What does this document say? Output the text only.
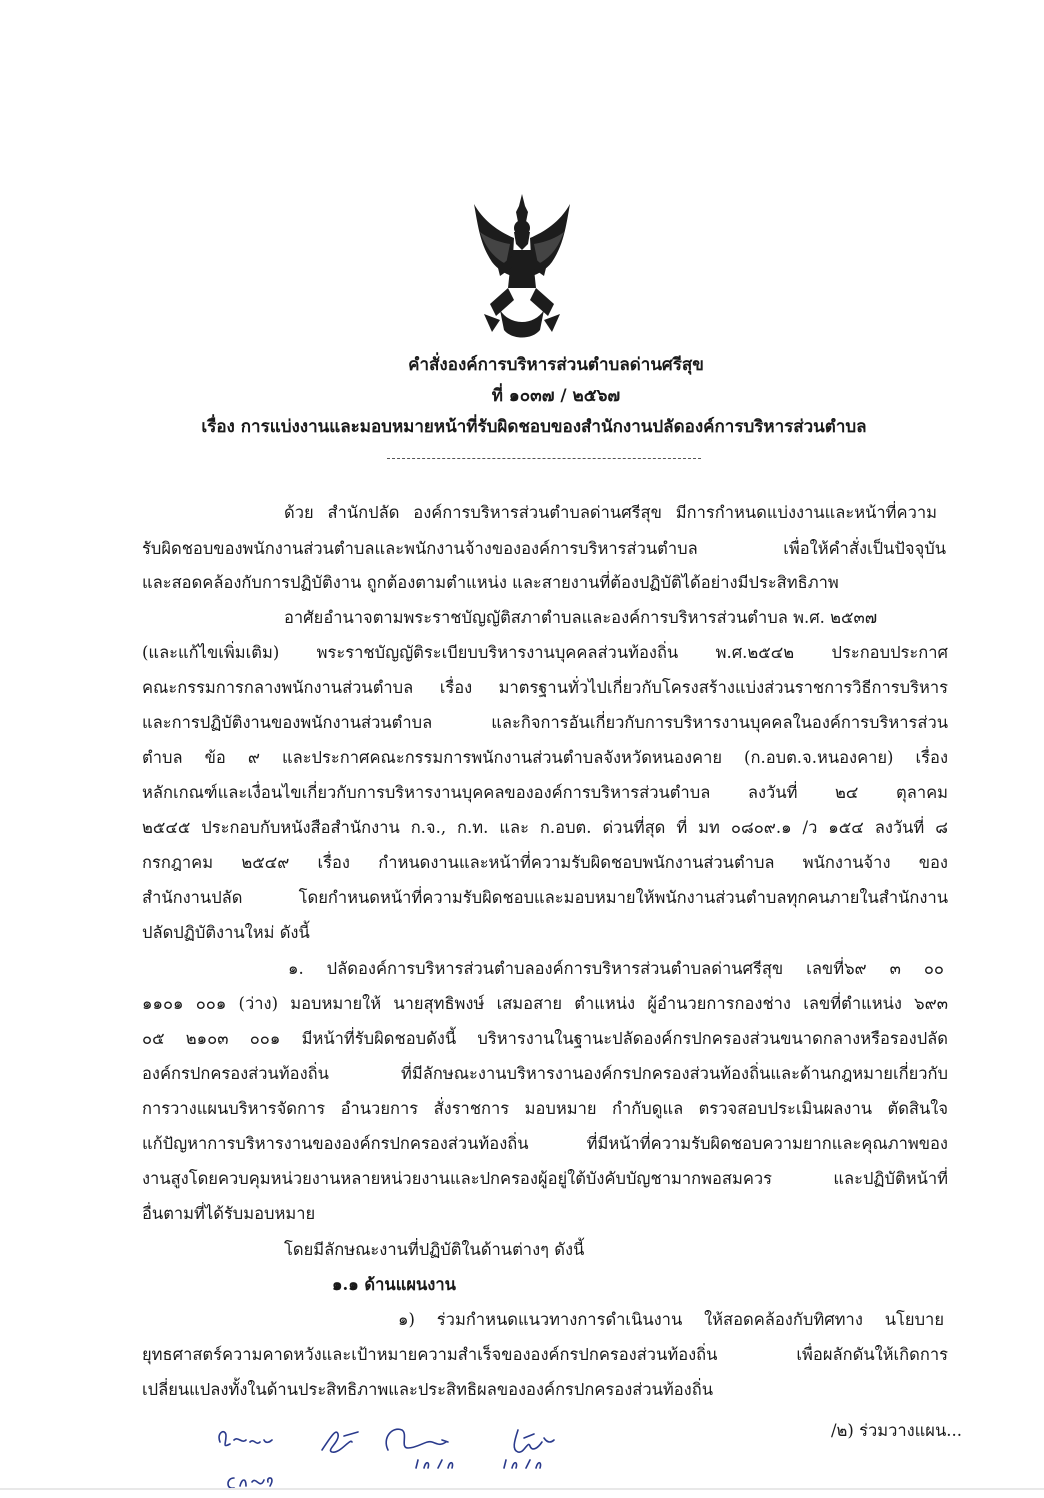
คำสั่งองค์การบริหารส่วนตำบลด่านศรีสุข
ที่ ๑๐๓๗ / ๒๕๖๗
เรื่อง การแบ่งงานและมอบหมายหน้าที่รับผิดชอบของสำนักงานปลัดองค์การบริหารส่วนตำบล
ด้วย สำนักปลัด องค์การบริหารส่วนตำบลด่านศรีสุข มีการกำหนดแบ่งงานและหน้าที่ความ
รับผิดชอบของพนักงานส่วนตำบลและพนักงานจ้างขององค์การบริหารส่วนตำบล เพื่อให้คำสั่งเป็นปัจจุบัน
และสอดคล้องกับการปฏิบัติงาน ถูกต้องตามตำแหน่ง และสายงานที่ต้องปฏิบัติได้อย่างมีประสิทธิภาพ
อาศัยอำนาจตามพระราชบัญญัติสภาตำบลและองค์การบริหารส่วนตำบล พ.ศ. ๒๕๓๗
(และแก้ไขเพิ่มเติม) พระราชบัญญัติระเบียบบริหารงานบุคคลส่วนท้องถิ่น พ.ศ.๒๕๔๒ ประกอบประกาศ
คณะกรรมการกลางพนักงานส่วนตำบล เรื่อง มาตรฐานทั่วไปเกี่ยวกับโครงสร้างแบ่งส่วนราชการวิธีการบริหาร
และการปฏิบัติงานของพนักงานส่วนตำบล และกิจการอันเกี่ยวกับการบริหารงานบุคคลในองค์การบริหารส่วน
ตำบล ข้อ ๙ และประกาศคณะกรรมการพนักงานส่วนตำบลจังหวัดหนองคาย (ก.อบต.จ.หนองคาย) เรื่อง
หลักเกณฑ์และเงื่อนไขเกี่ยวกับการบริหารงานบุคคลขององค์การบริหารส่วนตำบล ลงวันที่ ๒๔ ตุลาคม
๒๕๔๕ ประกอบกับหนังสือสำนักงาน ก.จ., ก.ท. และ ก.อบต. ด่วนที่สุด ที่ มท ๐๘๐๙.๑ /ว ๑๕๔ ลงวันที่ ๘
กรกฎาคม ๒๕๔๙ เรื่อง กำหนดงานและหน้าที่ความรับผิดชอบพนักงานส่วนตำบล พนักงานจ้าง ของ
สำนักงานปลัด โดยกำหนดหน้าที่ความรับผิดชอบและมอบหมายให้พนักงานส่วนตำบลทุกคนภายในสำนักงาน
ปลัดปฏิบัติงานใหม่ ดังนี้
๑. ปลัดองค์การบริหารส่วนตำบลองค์การบริหารส่วนตำบลด่านศรีสุข เลขที่๖๙ ๓ ๐๐
๑๑๐๑ ๐๐๑ (ว่าง) มอบหมายให้ นายสุทธิพงษ์ เสมอสาย ตำแหน่ง ผู้อำนวยการกองช่าง เลขที่ตำแหน่ง ๖๙๓
๐๕ ๒๑๐๓ ๐๐๑ มีหน้าที่รับผิดชอบดังนี้ บริหารงานในฐานะปลัดองค์กรปกครองส่วนขนาดกลางหรือรองปลัด
องค์กรปกครองส่วนท้องถิ่น ที่มีลักษณะงานบริหารงานองค์กรปกครองส่วนท้องถิ่นและด้านกฎหมายเกี่ยวกับ
การวางแผนบริหารจัดการ อำนวยการ สั่งราชการ มอบหมาย กำกับดูแล ตรวจสอบประเมินผลงาน ตัดสินใจ
แก้ปัญหาการบริหารงานขององค์กรปกครองส่วนท้องถิ่น ที่มีหน้าที่ความรับผิดชอบความยากและคุณภาพของ
งานสูงโดยควบคุมหน่วยงานหลายหน่วยงานและปกครองผู้อยู่ใต้บังคับบัญชามากพอสมควร และปฏิบัติหน้าที่
อื่นตามที่ได้รับมอบหมาย
โดยมีลักษณะงานที่ปฏิบัติในด้านต่างๆ ดังนี้
๑.๑ ด้านแผนงาน
๑) ร่วมกำหนดแนวทางการดำเนินงาน ให้สอดคล้องกับทิศทาง นโยบาย
ยุทธศาสตร์ความคาดหวังและเป้าหมายความสำเร็จขององค์กรปกครองส่วนท้องถิ่น เพื่อผลักดันให้เกิดการ
เปลี่ยนแปลงทั้งในด้านประสิทธิภาพและประสิทธิผลขององค์กรปกครองส่วนท้องถิ่น
/๒) ร่วมวางแผน...
